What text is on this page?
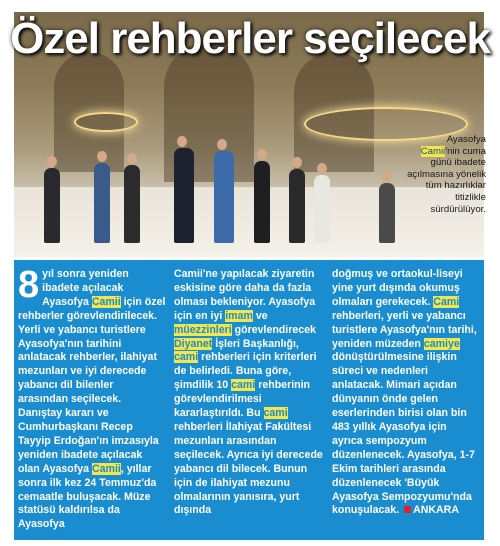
Özel rehberler seçilecek
Ayasofya
Camii'nin cuma günü ibadete açılmasına yönelik tüm hazırlıklar titizlikle sürdürülüyor.
8 yıl sonra yeniden ibadete açılacak Ayasofya Camii için özel rehberler görevlendirilecek. Yerli ve yabancı turistlere Ayasofya'nın tarihini anlatacak rehberler, ilahiyat mezunları ve iyi derecede yabancı dil bilenler arasından seçilecek. Danıştay kararı ve Cumhurbaşkanı Recep Tayyip Erdoğan'ın imzasıyla yeniden ibadete açılacak olan Ayasofya Camii, yıllar sonra ilk kez 24 Temmuz'da cemaatle buluşacak. Müze statüsü kaldırılsa da Ayasofya
Camii'ne yapılacak ziyaretin eskisine göre daha da fazla olması bekleniyor. Ayasofya için en iyi imam ve müezzinleri görevlendirecek Diyanet İşleri Başkanlığı, cami rehberleri için kriterleri de belirledi. Buna göre, şimdilik 10 cami rehberinin görevlendirilmesi kararlaştırıldı. Bu cami rehberleri İlahiyat Fakültesi mezunları arasından seçilecek. Ayrıca iyi derecede yabancı dil bilecek. Bunun için de ilahiyat mezunu olmalarının yanısıra, yurt dışında
doğmuş ve ortaokul-liseyi yine yurt dışında okumuş olmaları gerekecek. Cami rehberleri, yerli ve yabancı turistlere Ayasofya'nın tarihi, yeniden müzeden camiye dönüştürülmesine ilişkin süreci ve nedenleri anlatacak. Mimari açıdan dünyanın önde gelen eserlerinden birisi olan bin 483 yıllık Ayasofya için ayrıca sempozyum düzenlenecek. Ayasofya, 1-7 Ekim tarihleri arasında düzenlenecek 'Büyük Ayasofya Sempozyumu'nda konuşulacak. ANKARA
